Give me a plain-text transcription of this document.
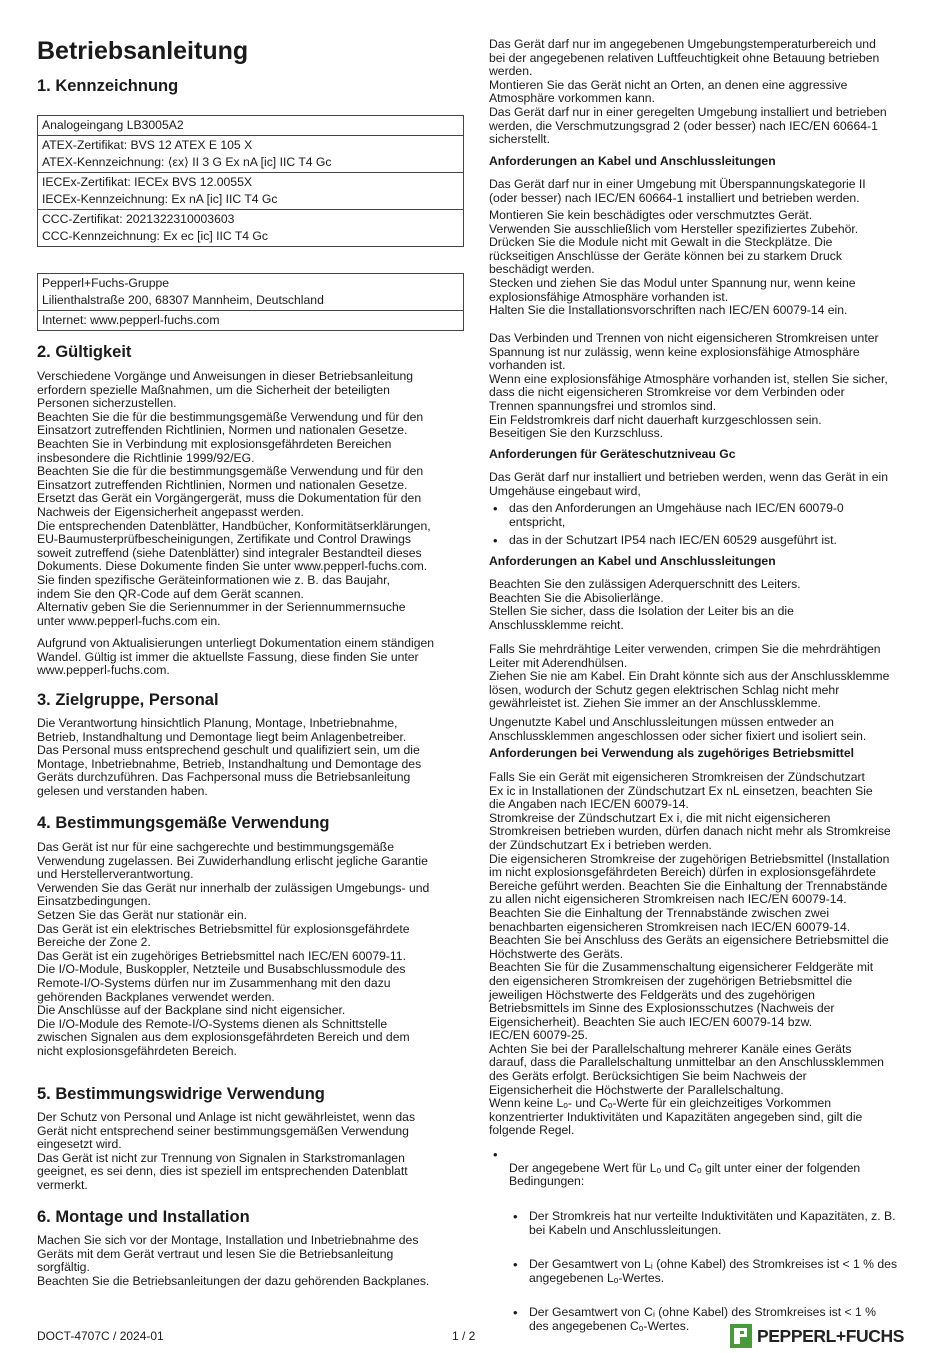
Betriebsanleitung
1. Kennzeichnung
Analogeingang LB3005A2
ATEX-Zertifikat: BVS 12 ATEX E 105 X
ATEX-Kennzeichnung: ⟨εx⟩ II 3 G Ex nA [ic] IIC T4 Gc
IECEx-Zertifikat: IECEx BVS 12.0055X
IECEx-Kennzeichnung: Ex nA [ic] IIC T4 Gc
CCC-Zertifikat: 2021322310003603
CCC-Kennzeichnung: Ex ec [ic] IIC T4 Gc
Pepperl+Fuchs-Gruppe
Lilienthalstraße 200, 68307 Mannheim, Deutschland
Internet: www.pepperl-fuchs.com
2. Gültigkeit
Verschiedene Vorgänge und Anweisungen in dieser Betriebsanleitung
erfordern spezielle Maßnahmen, um die Sicherheit der beteiligten
Personen sicherzustellen.
Beachten Sie die für die bestimmungsgemäße Verwendung und für den
Einsatzort zutreffenden Richtlinien, Normen und nationalen Gesetze.
Beachten Sie in Verbindung mit explosionsgefährdeten Bereichen
insbesondere die Richtlinie 1999/92/EG.
Beachten Sie die für die bestimmungsgemäße Verwendung und für den
Einsatzort zutreffenden Richtlinien, Normen und nationalen Gesetze.
Ersetzt das Gerät ein Vorgängergerät, muss die Dokumentation für den
Nachweis der Eigensicherheit angepasst werden.
Die entsprechenden Datenblätter, Handbücher, Konformitätserklärungen,
EU-Baumusterprüfbescheinigungen, Zertifikate und Control Drawings
soweit zutreffend (siehe Datenblätter) sind integraler Bestandteil dieses
Dokuments. Diese Dokumente finden Sie unter www.pepperl-fuchs.com.
Sie finden spezifische Geräteinformationen wie z. B. das Baujahr,
indem Sie den QR-Code auf dem Gerät scannen.
Alternativ geben Sie die Seriennummer in der Seriennummernsuche
unter www.pepperl-fuchs.com ein.
Aufgrund von Aktualisierungen unterliegt Dokumentation einem ständigen
Wandel. Gültig ist immer die aktuellste Fassung, diese finden Sie unter
www.pepperl-fuchs.com.
3. Zielgruppe, Personal
Die Verantwortung hinsichtlich Planung, Montage, Inbetriebnahme,
Betrieb, Instandhaltung und Demontage liegt beim Anlagenbetreiber.
Das Personal muss entsprechend geschult und qualifiziert sein, um die
Montage, Inbetriebnahme, Betrieb, Instandhaltung und Demontage des
Geräts durchzuführen. Das Fachpersonal muss die Betriebsanleitung
gelesen und verstanden haben.
4. Bestimmungsgemäße Verwendung
Das Gerät ist nur für eine sachgerechte und bestimmungsgemäße
Verwendung zugelassen. Bei Zuwiderhandlung erlischt jegliche Garantie
und Herstellerverantwortung.
Verwenden Sie das Gerät nur innerhalb der zulässigen Umgebungs- und
Einsatzbedingungen.
Setzen Sie das Gerät nur stationär ein.
Das Gerät ist ein elektrisches Betriebsmittel für explosionsgefährdete
Bereiche der Zone 2.
Das Gerät ist ein zugehöriges Betriebsmittel nach IEC/EN 60079-11.
Die I/O-Module, Buskoppler, Netzteile und Busabschlussmodule des
Remote-I/O-Systems dürfen nur im Zusammenhang mit den dazu
gehörenden Backplanes verwendet werden.
Die Anschlüsse auf der Backplane sind nicht eigensicher.
Die I/O-Module des Remote-I/O-Systems dienen als Schnittstelle
zwischen Signalen aus dem explosionsgefährdeten Bereich und dem
nicht explosionsgefährdeten Bereich.
5. Bestimmungswidrige Verwendung
Der Schutz von Personal und Anlage ist nicht gewährleistet, wenn das
Gerät nicht entsprechend seiner bestimmungsgemäßen Verwendung
eingesetzt wird.
Das Gerät ist nicht zur Trennung von Signalen in Starkstromanlagen
geeignet, es sei denn, dies ist speziell im entsprechenden Datenblatt
vermerkt.
6. Montage und Installation
Machen Sie sich vor der Montage, Installation und Inbetriebnahme des
Geräts mit dem Gerät vertraut und lesen Sie die Betriebsanleitung
sorgfältig.
Beachten Sie die Betriebsanleitungen der dazu gehörenden Backplanes.
Das Gerät darf nur im angegebenen Umgebungstemperaturbereich und
bei der angegebenen relativen Luftfeuchtigkeit ohne Betauung betrieben
werden.
Montieren Sie das Gerät nicht an Orten, an denen eine aggressive
Atmosphäre vorkommen kann.
Das Gerät darf nur in einer geregelten Umgebung installiert und betrieben
werden, die Verschmutzungsgrad 2 (oder besser) nach IEC/EN 60664-1
sicherstellt.
Anforderungen an Kabel und Anschlussleitungen
Das Gerät darf nur in einer Umgebung mit Überspannungskategorie II
(oder besser) nach IEC/EN 60664-1 installiert und betrieben werden.
Montieren Sie kein beschädigtes oder verschmutztes Gerät.
Verwenden Sie ausschließlich vom Hersteller spezifiziertes Zubehör.
Drücken Sie die Module nicht mit Gewalt in die Steckplätze. Die
rückseitigen Anschlüsse der Geräte können bei zu starkem Druck
beschädigt werden.
Stecken und ziehen Sie das Modul unter Spannung nur, wenn keine
explosionsfähige Atmosphäre vorhanden ist.
Halten Sie die Installationsvorschriften nach IEC/EN 60079-14 ein.
Das Verbinden und Trennen von nicht eigensicheren Stromkreisen unter
Spannung ist nur zulässig, wenn keine explosionsfähige Atmosphäre
vorhanden ist.
Wenn eine explosionsfähige Atmosphäre vorhanden ist, stellen Sie sicher,
dass die nicht eigensicheren Stromkreise vor dem Verbinden oder
Trennen spannungsfrei und stromlos sind.
Ein Feldstromkreis darf nicht dauerhaft kurzgeschlossen sein.
Beseitigen Sie den Kurzschluss.
Anforderungen für Geräteschutzniveau Gc
Das Gerät darf nur installiert und betrieben werden, wenn das Gerät in ein
Umgehäuse eingebaut wird,
• das den Anforderungen an Umgehäuse nach IEC/EN 60079-0
entspricht,
• das in der Schutzart IP54 nach IEC/EN 60529 ausgeführt ist.
Anforderungen an Kabel und Anschlussleitungen
Beachten Sie den zulässigen Aderquerschnitt des Leiters.
Beachten Sie die Abisolierlänge.
Stellen Sie sicher, dass die Isolation der Leiter bis an die
Anschlussklemme reicht.
Falls Sie mehrdrähtige Leiter verwenden, crimpen Sie die mehrdrähtigen
Leiter mit Aderendhülsen.
Ziehen Sie nie am Kabel. Ein Draht könnte sich aus der Anschlussklemme
lösen, wodurch der Schutz gegen elektrischen Schlag nicht mehr
gewährleistet ist. Ziehen Sie immer an der Anschlussklemme.
Ungenutzte Kabel und Anschlussleitungen müssen entweder an
Anschlussklemmen angeschlossen oder sicher fixiert und isoliert sein.
Anforderungen bei Verwendung als zugehöriges Betriebsmittel
Falls Sie ein Gerät mit eigensicheren Stromkreisen der Zündschutzart
Ex ic in Installationen der Zündschutzart Ex nL einsetzen, beachten Sie
die Angaben nach IEC/EN 60079-14.
Stromkreise der Zündschutzart Ex i, die mit nicht eigensicheren
Stromkreisen betrieben wurden, dürfen danach nicht mehr als Stromkreise
der Zündschutzart Ex i betrieben werden.
Die eigensicheren Stromkreise der zugehörigen Betriebsmittel (Installation
im nicht explosionsgefährdeten Bereich) dürfen in explosionsgefährdete
Bereiche geführt werden. Beachten Sie die Einhaltung der Trennabstände
zu allen nicht eigensicheren Stromkreisen nach IEC/EN 60079-14.
Beachten Sie die Einhaltung der Trennabstände zwischen zwei
benachbarten eigensicheren Stromkreisen nach IEC/EN 60079-14.
Beachten Sie bei Anschluss des Geräts an eigensichere Betriebsmittel die
Höchstwerte des Geräts.
Beachten Sie für die Zusammenschaltung eigensicherer Feldgeräte mit
den eigensicheren Stromkreisen der zugehörigen Betriebsmittel die
jeweiligen Höchstwerte des Feldgeräts und des zugehörigen
Betriebsmittels im Sinne des Explosionsschutzes (Nachweis der
Eigensicherheit). Beachten Sie auch IEC/EN 60079-14 bzw.
IEC/EN 60079-25.
Achten Sie bei der Parallelschaltung mehrerer Kanäle eines Geräts
darauf, dass die Parallelschaltung unmittelbar an den Anschlussklemmen
des Geräts erfolgt. Berücksichtigen Sie beim Nachweis der
Eigensicherheit die Höchstwerte der Parallelschaltung.
Wenn keine Lₒ- und Cₒ-Werte für ein gleichzeitiges Vorkommen
konzentrierter Induktivitäten und Kapazitäten angegeben sind, gilt die
folgende Regel.

• Der angegebene Wert für Lₒ und Cₒ gilt unter einer der folgenden
Bedingungen:

• Der Stromkreis hat nur verteilte Induktivitäten und Kapazitäten, z. B.
bei Kabeln und Anschlussleitungen.

• Der Gesamtwert von Lᵢ (ohne Kabel) des Stromkreises ist < 1 % des
angegebenen Lₒ-Wertes.

• Der Gesamtwert von Cᵢ (ohne Kabel) des Stromkreises ist < 1 %
des angegebenen Cₒ-Wertes.

DOCT-4707C / 2024-01	1 / 2	PEPPERL+FUCHS
